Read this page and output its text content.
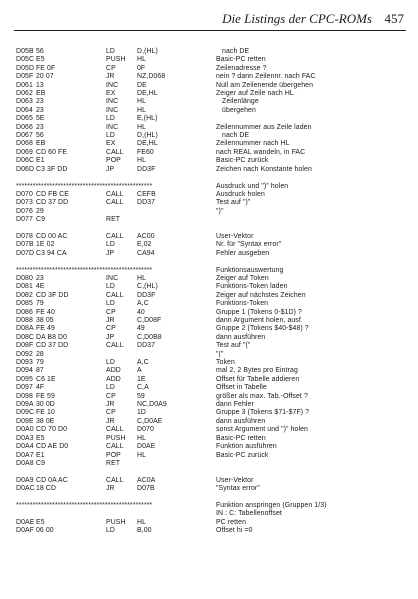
Die Listings der CPC-ROMs 457
D05B 56	LD	D,(HL)	nach DE
D05C E5	PUSH HL	Basic-PC retten
D05D FE 0F	CP	0F	Zeilenadresse ?
D05F 20 07	JR	NZ,D068	nein ? dann Zeilennr. nach FAC
D061 13	INC	DE	Null am Zeilenende übergehen
D062 EB	EX	DE,HL	Zeiger auf Zeile nach HL
D063 23	INC	HL	Zeilenlänge
D064 23	INC	HL	übergehen
D065 5E	LD	E,(HL)
D066 23	INC	HL	Zeilennummer aus Zeile laden
D067 56	LD	D,(HL)	nach DE
D068 EB	EX	DE,HL	Zeilennummer nach HL
D069 CD 60 FE	CALL FE60	nach REAL wandeln, in FAC
D06C E1	POP HL	Basic-PC zurück
D06D C3 3F DD	JP	DD3F	Zeichen nach Konstante holen
*************************************************	Ausdruck und ")" holen
D070 CD FB CE	CALL CEFB	Ausdruck holen
D073 CD 37 DD	CALL DD37	Test auf ")"
D076 29	")"
D077 C9	RET
D078 CD 00 AC	CALL AC00	User-Vektor
D07B 1E 02	LD	E,02	Nr. für "Syntax error"
D07D C3 94 CA	JP	CA94	Fehler ausgeben
*************************************************	Funktionsauswertung
D080 23	INC	HL	Zeiger auf Token
D081 4E	LD	C,(HL)	Funktions-Token laden
D082 CD 3F DD	CALL DD3F	Zeiger auf nächstes Zeichen
D085 79	LD	A,C	Funktions-Token
D086 FE 40	CP	40	Gruppe 1 (Tokens 0-$1D) ?
D088 38 05	JR	C,D08F	dann Argument holen, ausf.
D08A FE 49	CP	49	Gruppe 2 (Tokens $40-$48) ?
D08C DA B8 D0	JP	C,D0B8	dann ausführen
D08F CD 37 DD	CALL DD37	Test auf "("
D092 28	"("
D093 79	LD	A,C	Token
D094 87	ADD A	mal 2, 2 Bytes pro Eintrag
D095 C6 1E	ADD 1E	Offset für Tabelle addieren
D097 4F	LD	C,A	Offset in Tabelle
D098 FE 59	CP	59	größer als max. Tab.-Offset ?
D09A 30 0D	JR	NC,D0A9	dann Fehler
D09C FE 10	CP	1D	Gruppe 3 (Tokens $71-$7F) ?
D09E 38 0E	JR	C,D0AE	dann ausführen
D0A0 CD 70 D0	CALL D070	sonst Argument und ")" holen
D0A3 E5	PUSH HL	Basic-PC retten
D0A4 CD AE D0	CALL D0AE	Funktion ausführen
D0A7 E1	POP HL	Basic-PC zurück
D0A8 C9	RET
D0A9 CD 0A AC	CALL AC0A	User-Vektor
D0AC 18 CD	JR	D07B	"Syntax error"
*************************************************	Funktion anspringen (Gruppen 1/3)
IN : C: Tabellenoffset
D0AE E5	PUSH HL	PC retten
D0AF 06 00	LD	B,00	Offset hi =0
